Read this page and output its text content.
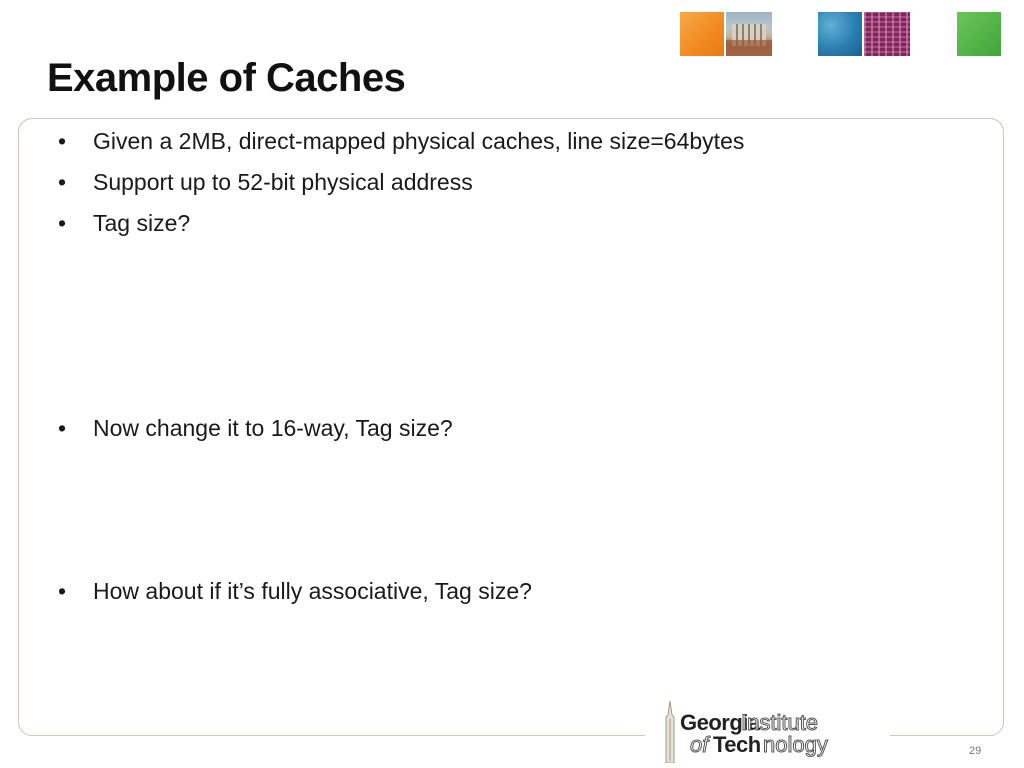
Example of Caches
•	Given a 2MB, direct-mapped physical caches, line size=64bytes
•	Support up to 52-bit physical address
•	Tag size?
•	Now change it to 16-way, Tag size?
•	How about if it’s fully associative, Tag size?
Georgia
Institute
of Tech nology	29
